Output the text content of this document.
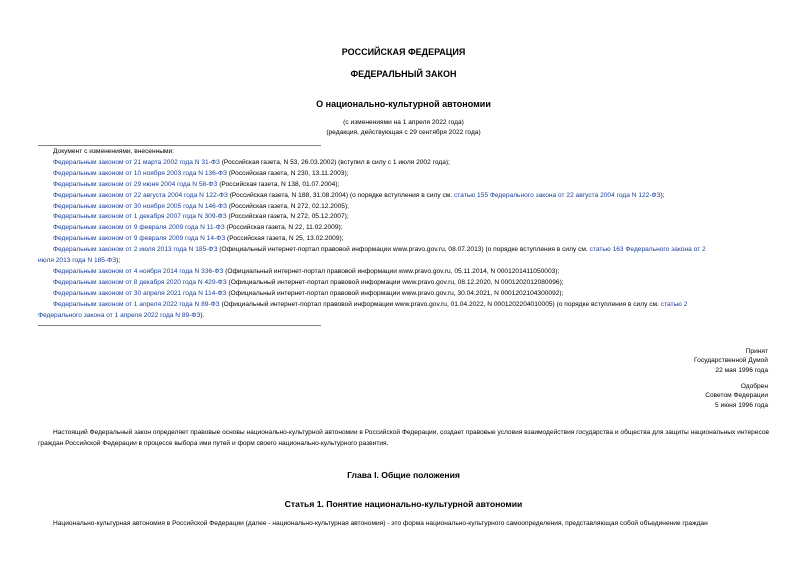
РОССИЙСКАЯ ФЕДЕРАЦИЯ
ФЕДЕРАЛЬНЫЙ ЗАКОН
О национально-культурной автономии
(с изменениями на 1 апреля 2022 года)
(редакция, действующая с 29 сентября 2022 года)
Документ с изменениями, внесенными:
Федеральным законом от 21 марта 2002 года N 31-ФЗ (Российская газета, N 53, 26.03.2002) (вступил в силу с 1 июля 2002 года);
Федеральным законом от 10 ноября 2003 года N 136-ФЗ (Российская газета, N 230, 13.11.2003);
Федеральным законом от 29 июня 2004 года N 58-ФЗ (Российская газета, N 138, 01.07.2004);
Федеральным законом от 22 августа 2004 года N 122-ФЗ (Российская газета, N 188, 31.08.2004) (о порядке вступления в силу см. статью 155 Федерального закона от 22 августа 2004 года N 122-ФЗ);
Федеральным законом от 30 ноября 2005 года N 146-ФЗ (Российская газета, N 272, 02.12.2005);
Федеральным законом от 1 декабря 2007 года N 309-ФЗ (Российская газета, N 272, 05.12.2007);
Федеральным законом от 9 февраля 2009 года N 11-ФЗ (Российская газета, N 22, 11.02.2009);
Федеральным законом от 9 февраля 2009 года N 14-ФЗ (Российская газета, N 25, 13.02.2009);
Федеральным законом от 2 июля 2013 года N 185-ФЗ (Официальный интернет-портал правовой информации www.pravo.gov.ru, 08.07.2013) (о порядке вступления в силу см. статью 163 Федерального закона от 2
июля 2013 года N 185-ФЗ);
Федеральным законом от 4 ноября 2014 года N 336-ФЗ (Официальный интернет-портал правовой информации www.pravo.gov.ru, 05.11.2014, N 0001201411050003);
Федеральным законом от 8 декабря 2020 года N 429-ФЗ (Официальный интернет-портал правовой информации www.pravo.gov.ru, 08.12.2020, N 0001202012080096);
Федеральным законом от 30 апреля 2021 года N 114-ФЗ (Официальный интернет-портал правовой информации www.pravo.gov.ru, 30.04.2021, N 0001202104300092);
Федеральным законом от 1 апреля 2022 года N 89-ФЗ (Официальный интернет-портал правовой информации www.pravo.gov.ru, 01.04.2022, N 0001202204010005) (о порядке вступления в силу см. статью 2
Федерального закона от 1 апреля 2022 года N 89-ФЗ).
Принят
Государственной Думой
22 мая 1996 года
Одобрен
Советом Федерации
5 июня 1996 года
Настоящий Федеральный закон определяет правовые основы национально-культурной автономии в Российской Федерации, создает правовые условия взаимодействия государства и общества для защиты национальных интересов граждан Российской Федерации в процессе выбора ими путей и форм своего национально-культурного развития.
Глава I. Общие положения
Статья 1. Понятие национально-культурной автономии
Национально-культурная автономия в Российской Федерации (далее - национально-культурная автономия) - это форма национально-культурного самоопределения, представляющая собой объединение граждан
